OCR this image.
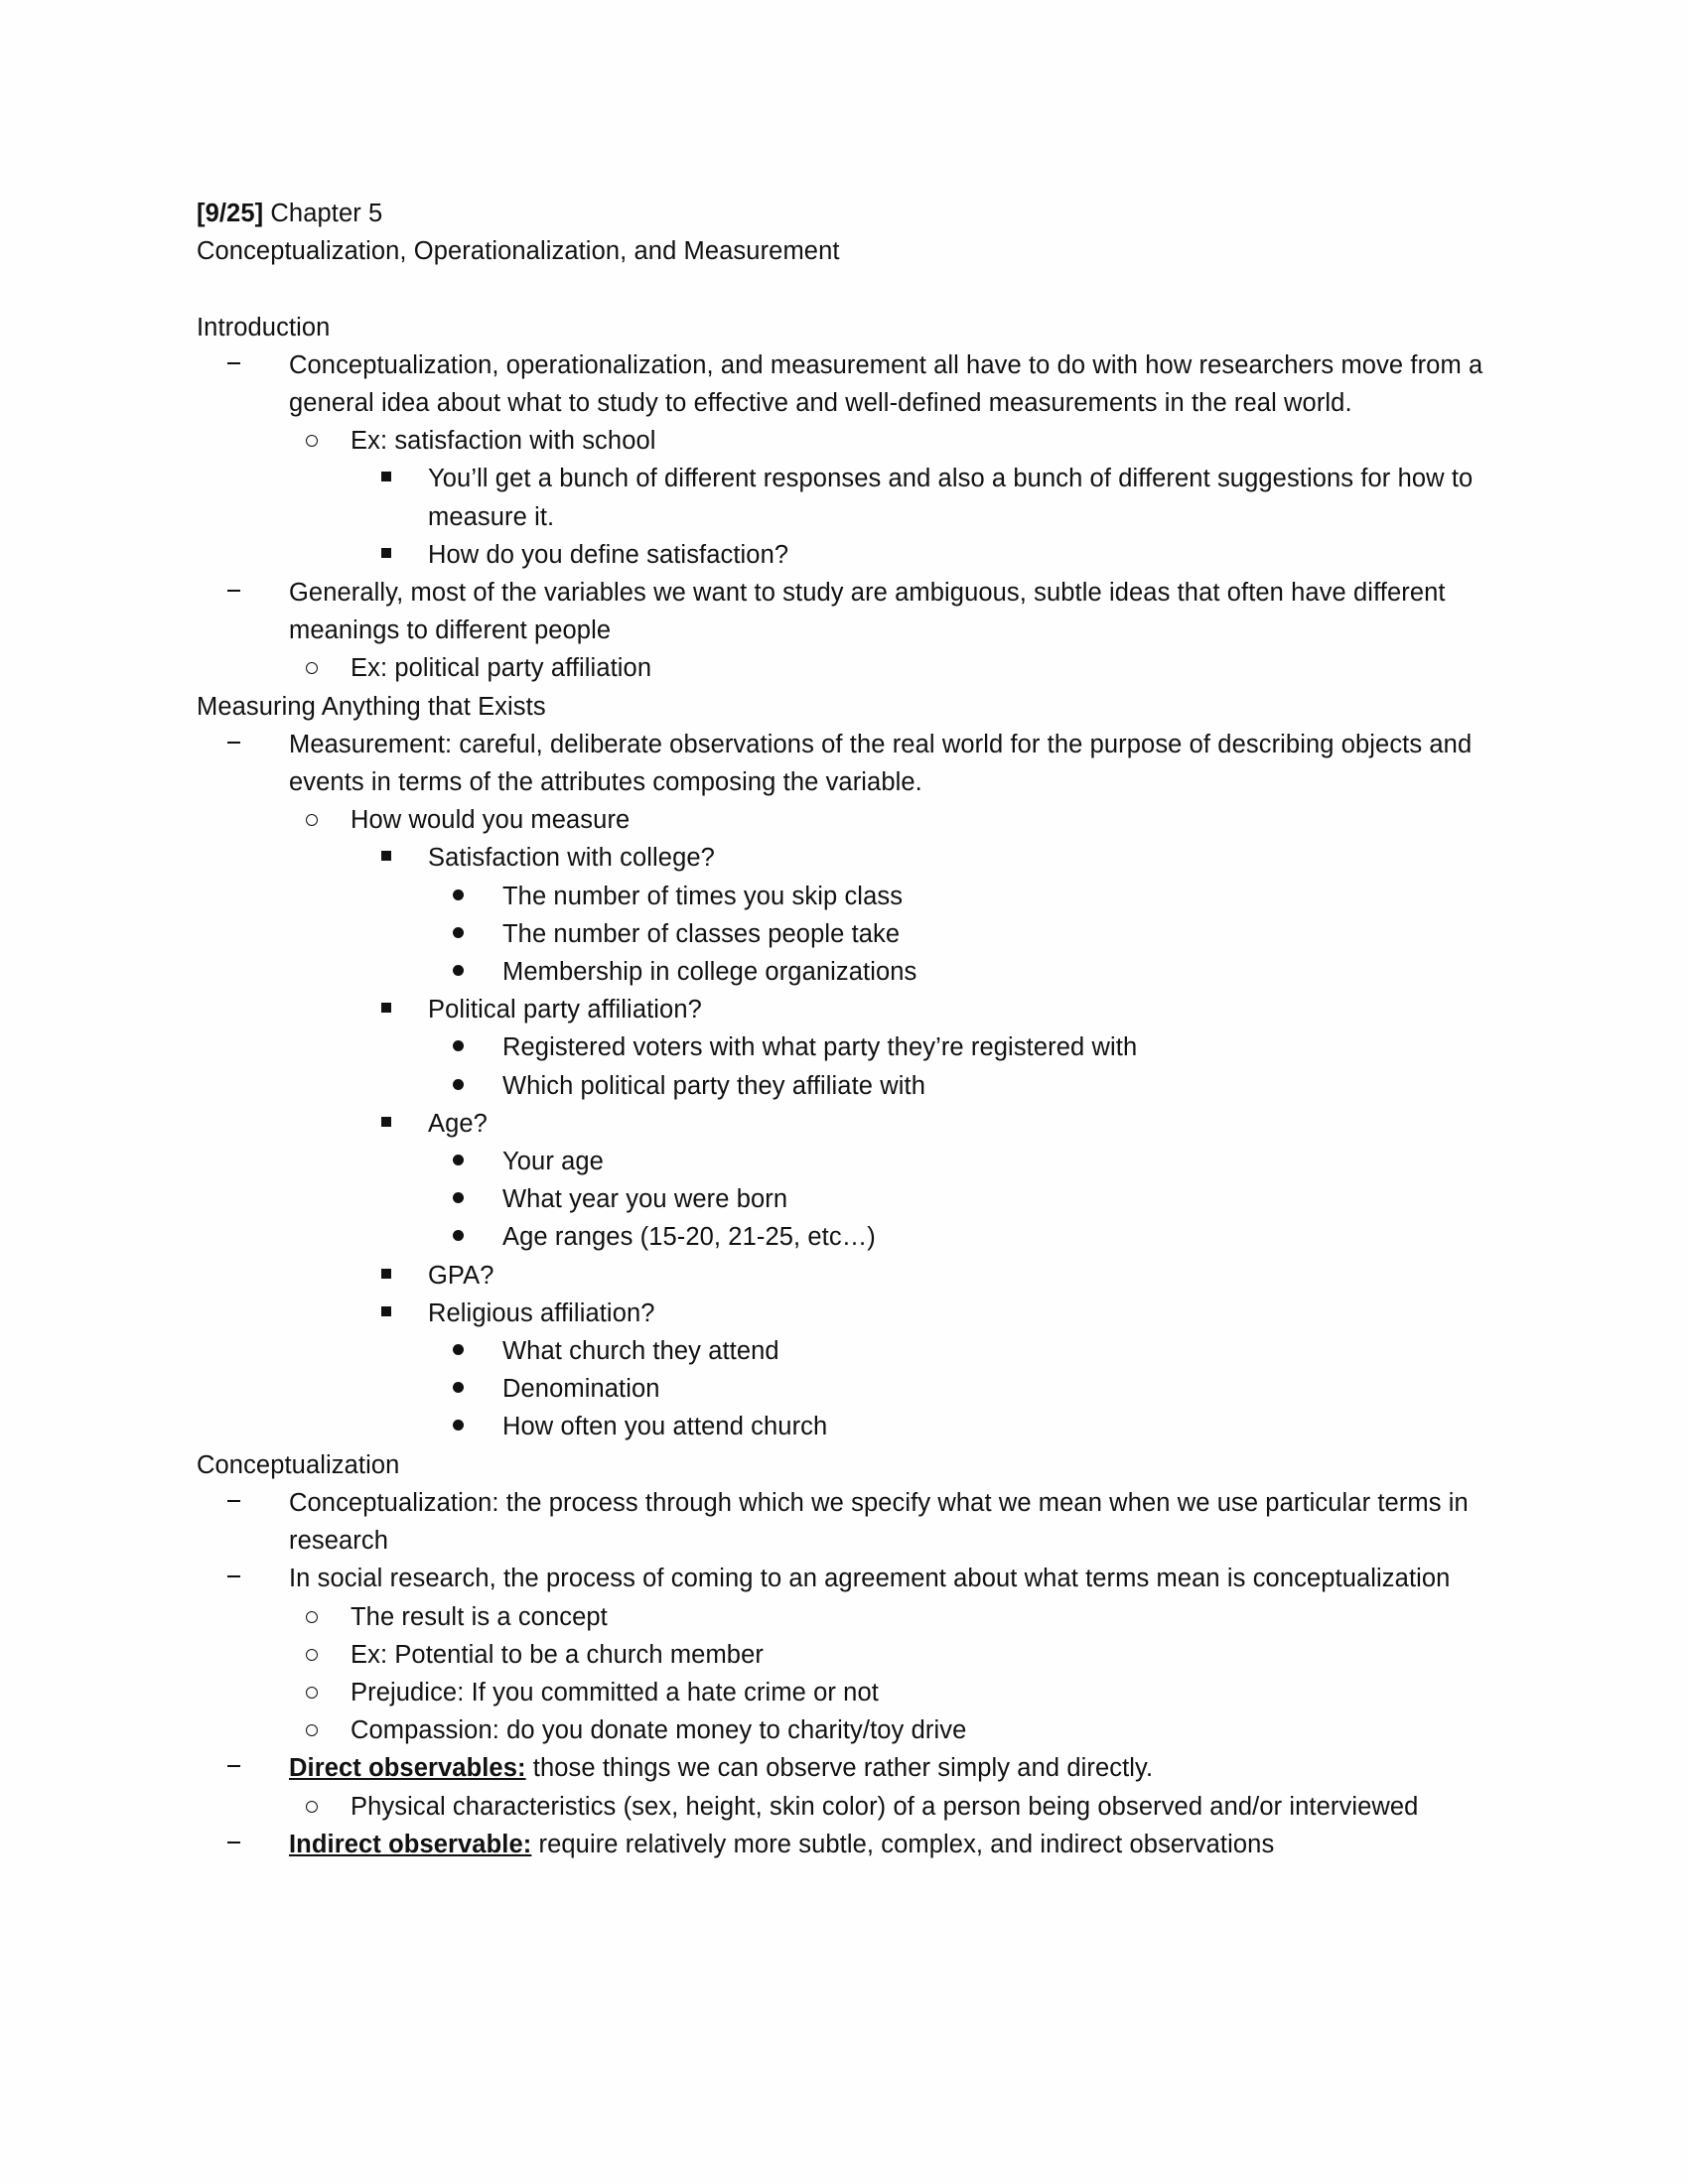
[9/25] Chapter 5

Conceptualization, Operationalization, and Measurement

Introduction

Conceptualization, operationalization, and measurement all have to do with how researchers move from a general idea about what to study to effective and well-defined measurements in the real world.
Ex: satisfaction with school
You’ll get a bunch of different responses and also a bunch of different suggestions for how to measure it.
How do you define satisfaction?
Generally, most of the variables we want to study are ambiguous, subtle ideas that often have different meanings to different people
Ex: political party affiliation

Measuring Anything that Exists

Measurement: careful, deliberate observations of the real world for the purpose of describing objects and events in terms of the attributes composing the variable.
How would you measure
Satisfaction with college?
The number of times you skip class
The number of classes people take
Membership in college organizations
Political party affiliation?
Registered voters with what party they’re registered with
Which political party they affiliate with
Age?
Your age
What year you were born
Age ranges (15-20, 21-25, etc…)
GPA?
Religious affiliation?
What church they attend
Denomination
How often you attend church

Conceptualization

Conceptualization: the process through which we specify what we mean when we use particular terms in research
In social research, the process of coming to an agreement about what terms mean is conceptualization
The result is a concept
Ex: Potential to be a church member
Prejudice: If you committed a hate crime or not
Compassion: do you donate money to charity/toy drive
Direct observables: those things we can observe rather simply and directly.
Physical characteristics (sex, height, skin color) of a person being observed and/or interviewed
Indirect observable: require relatively more subtle, complex, and indirect observations
